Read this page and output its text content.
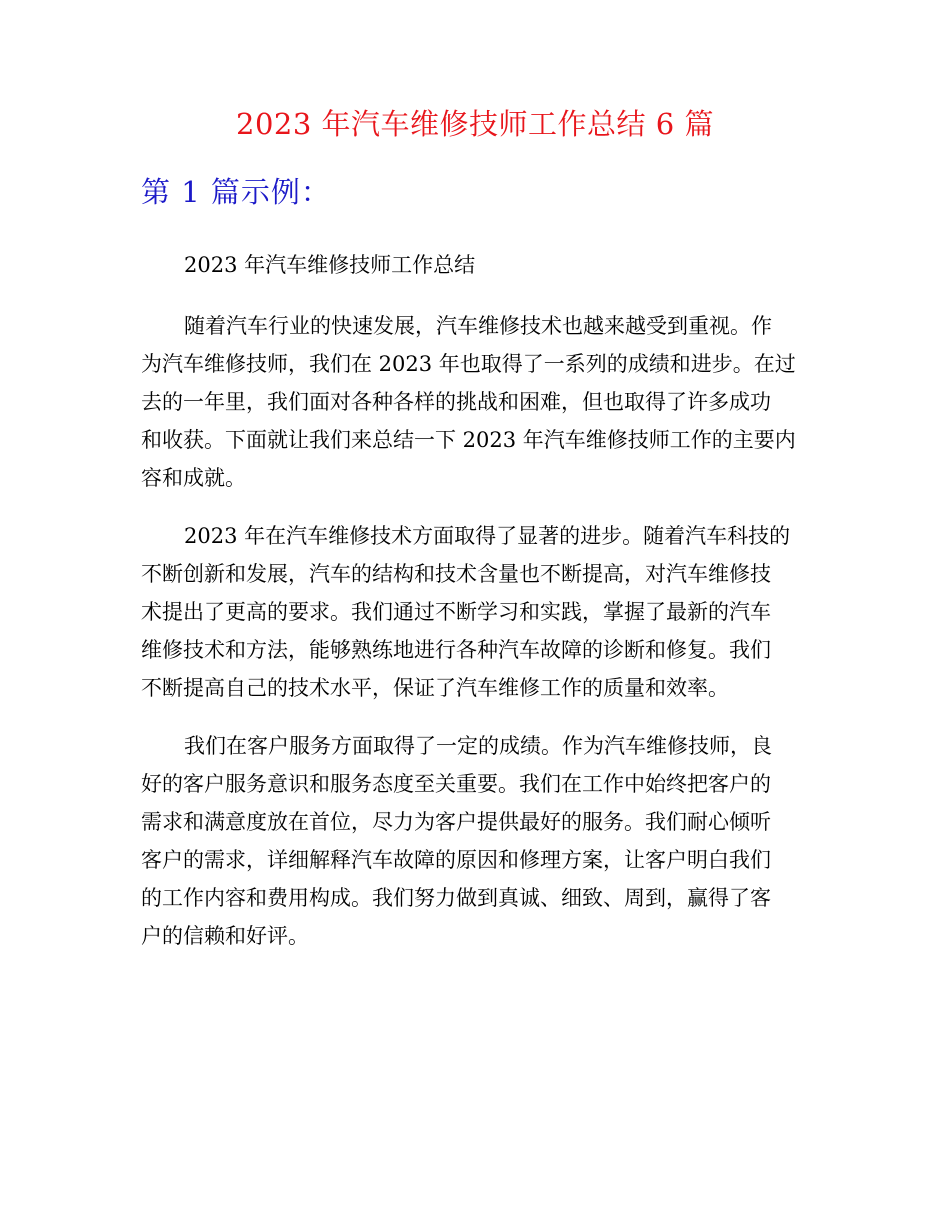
2023 年汽车维修技师工作总结 6 篇
第 1 篇示例：
2023 年汽车维修技师工作总结
随着汽车行业的快速发展，汽车维修技术也越来越受到重视。作
为汽车维修技师，我们在 2023 年也取得了一系列的成绩和进步。在过
去的一年里，我们面对各种各样的挑战和困难，但也取得了许多成功
和收获。下面就让我们来总结一下 2023 年汽车维修技师工作的主要内
容和成就。
2023 年在汽车维修技术方面取得了显著的进步。随着汽车科技的
不断创新和发展，汽车的结构和技术含量也不断提高，对汽车维修技
术提出了更高的要求。我们通过不断学习和实践，掌握了最新的汽车
维修技术和方法，能够熟练地进行各种汽车故障的诊断和修复。我们
不断提高自己的技术水平，保证了汽车维修工作的质量和效率。
我们在客户服务方面取得了一定的成绩。作为汽车维修技师，良
好的客户服务意识和服务态度至关重要。我们在工作中始终把客户的
需求和满意度放在首位，尽力为客户提供最好的服务。我们耐心倾听
客户的需求，详细解释汽车故障的原因和修理方案，让客户明白我们
的工作内容和费用构成。我们努力做到真诚、细致、周到，赢得了客
户的信赖和好评。
